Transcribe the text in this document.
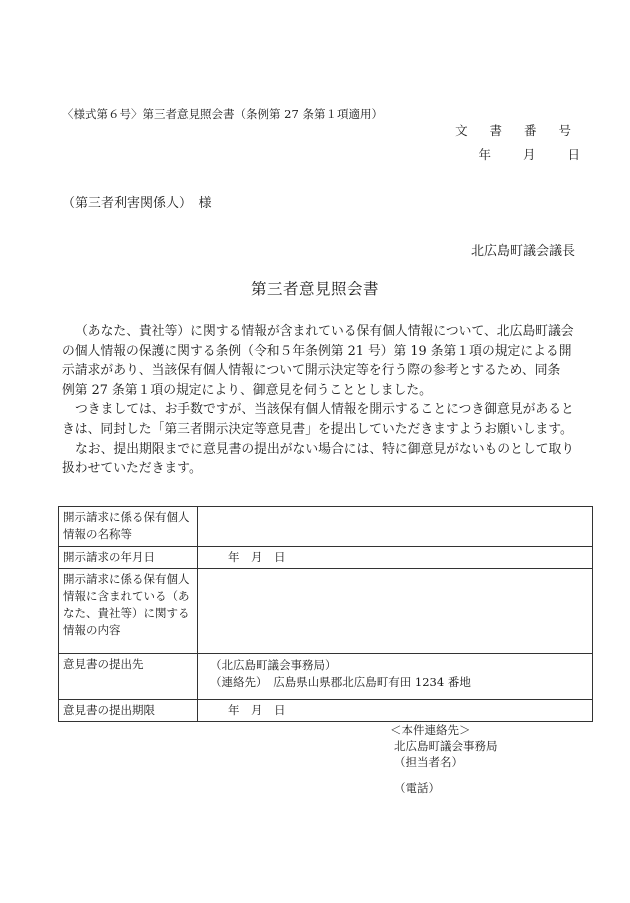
〈様式第６号〉第三者意見照会書（条例第 27 条第１項適用）
文 書 番 号
年	月	日
（第三者利害関係人）　様
北広島町議会議長
第三者意見照会書

（あなた、貴社等）に関する情報が含まれている保有個人情報について、北広島町議会
の個人情報の保護に関する条例（令和５年条例第 21 号）第 19 条第１項の規定による開
示請求があり、当該保有個人情報について開示決定等を行う際の参考とするため、同条
例第 27 条第１項の規定により、御意見を伺うこととしました。

つきましては、お手数ですが、当該保有個人情報を開示することにつき御意見があると
きは、同封した「第三者開示決定等意見書」を提出していただきますようお願いします。

なお、提出期限までに意見書の提出がない場合には、特に御意見がないものとして取り
扱わせていただきます。

開示請求に係る保有個人情報の名称等	
開示請求の年月日	年　月　日
開示請求に係る保有個人情報に含まれている（あなた、貴社等）に関する情報の内容	
意見書の提出先	（北広島町議会事務局）
（連絡先）　広島県山県郡北広島町有田 1234 番地

意見書の提出期限	年　月　日
＜本件連絡先＞
北広島町議会事務局
（担当者名）
（電話）
